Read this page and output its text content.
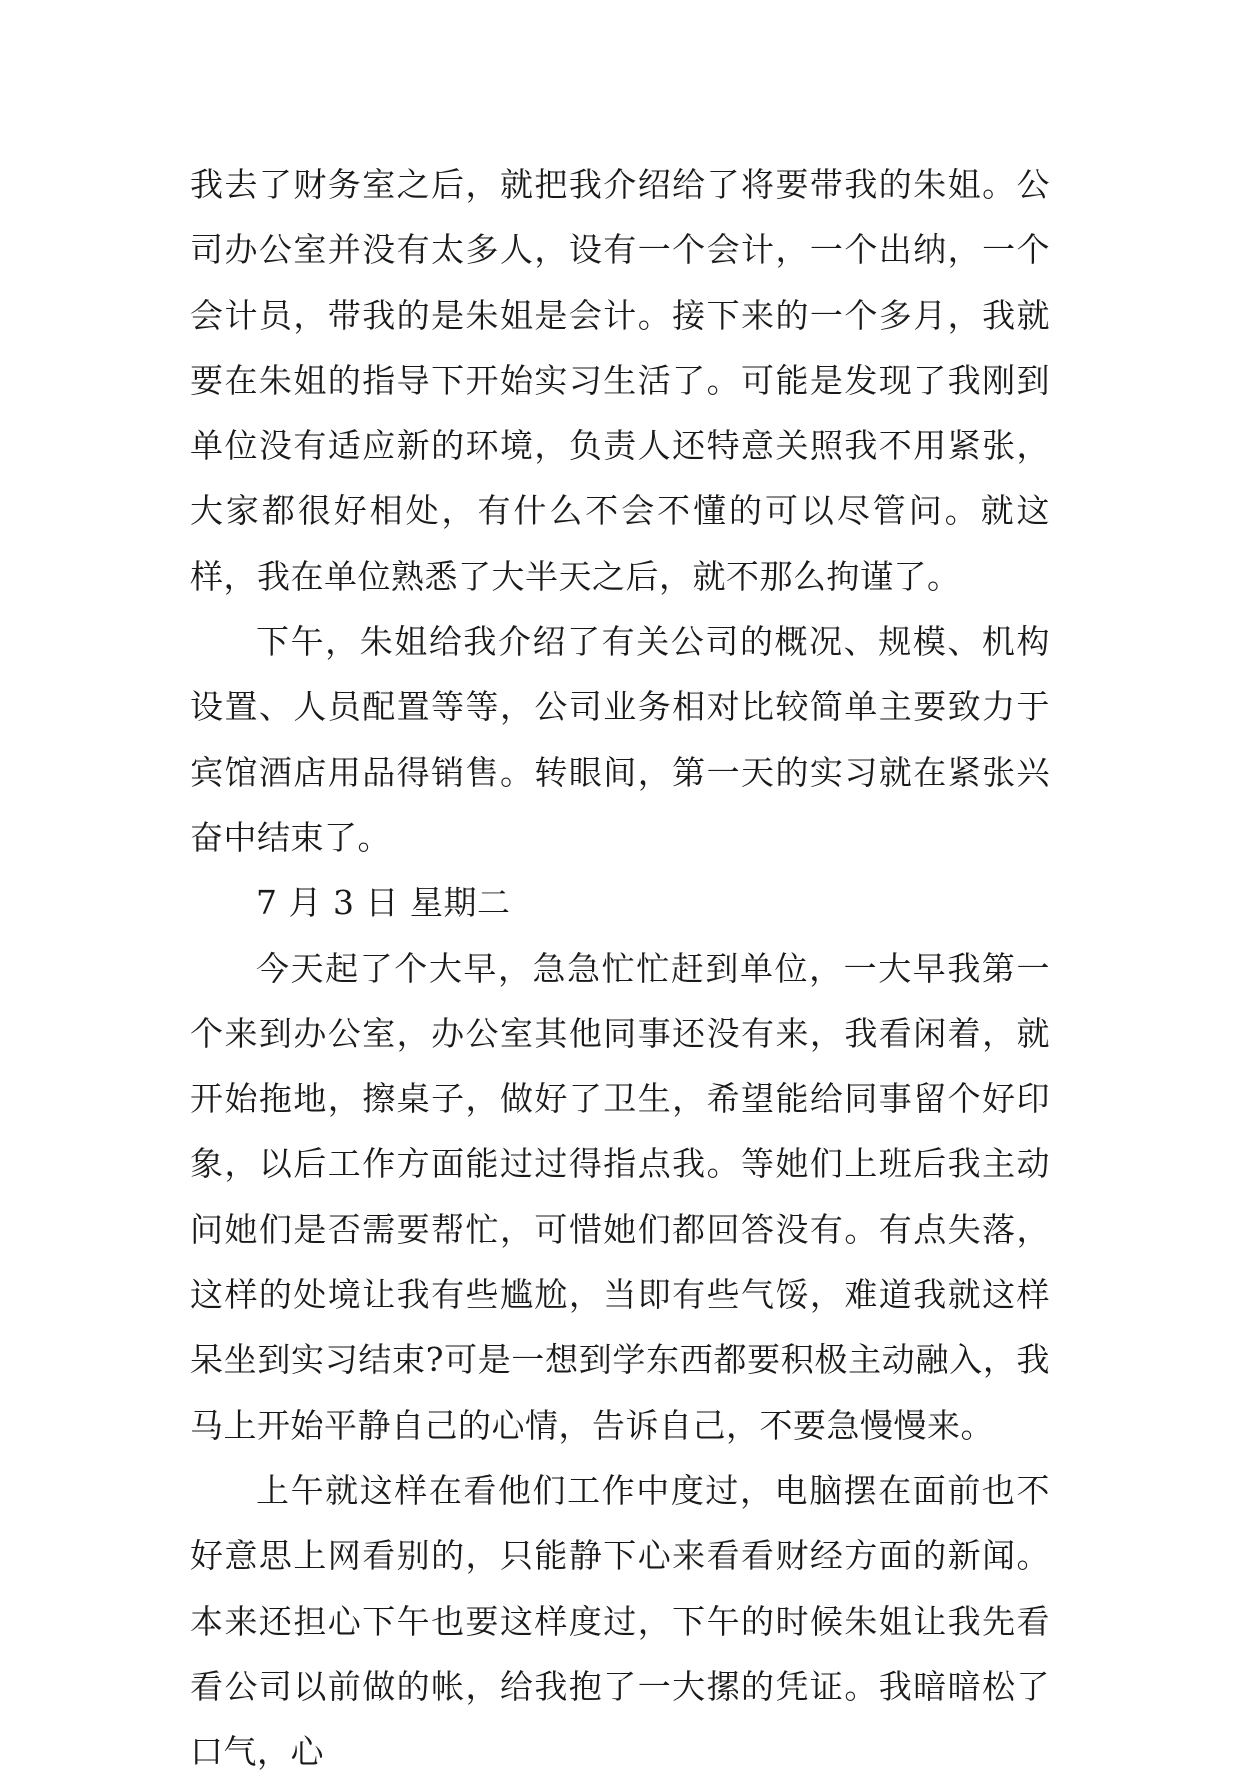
我去了财务室之后，就把我介绍给了将要带我的朱姐。公司办公室并没有太多人，设有一个会计，一个出纳，一个会计员，带我的是朱姐是会计。接下来的一个多月，我就要在朱姐的指导下开始实习生活了。可能是发现了我刚到单位没有适应新的环境，负责人还特意关照我不用紧张，大家都很好相处，有什么不会不懂的可以尽管问。就这样，我在单位熟悉了大半天之后，就不那么拘谨了。

下午，朱姐给我介绍了有关公司的概况、规模、机构设置、人员配置等等，公司业务相对比较简单主要致力于宾馆酒店用品得销售。转眼间，第一天的实习就在紧张兴奋中结束了。

7 月 3 日 星期二

今天起了个大早，急急忙忙赶到单位，一大早我第一个来到办公室，办公室其他同事还没有来，我看闲着，就开始拖地，擦桌子，做好了卫生，希望能给同事留个好印象，以后工作方面能过过得指点我。等她们上班后我主动问她们是否需要帮忙，可惜她们都回答没有。有点失落，这样的处境让我有些尴尬，当即有些气馁，难道我就这样呆坐到实习结束?可是一想到学东西都要积极主动融入，我马上开始平静自己的心情，告诉自己，不要急慢慢来。

上午就这样在看他们工作中度过，电脑摆在面前也不好意思上网看别的，只能静下心来看看财经方面的新闻。本来还担心下午也要这样度过，下午的时候朱姐让我先看看公司以前做的帐，给我抱了一大摞的凭证。我暗暗松了口气，心
